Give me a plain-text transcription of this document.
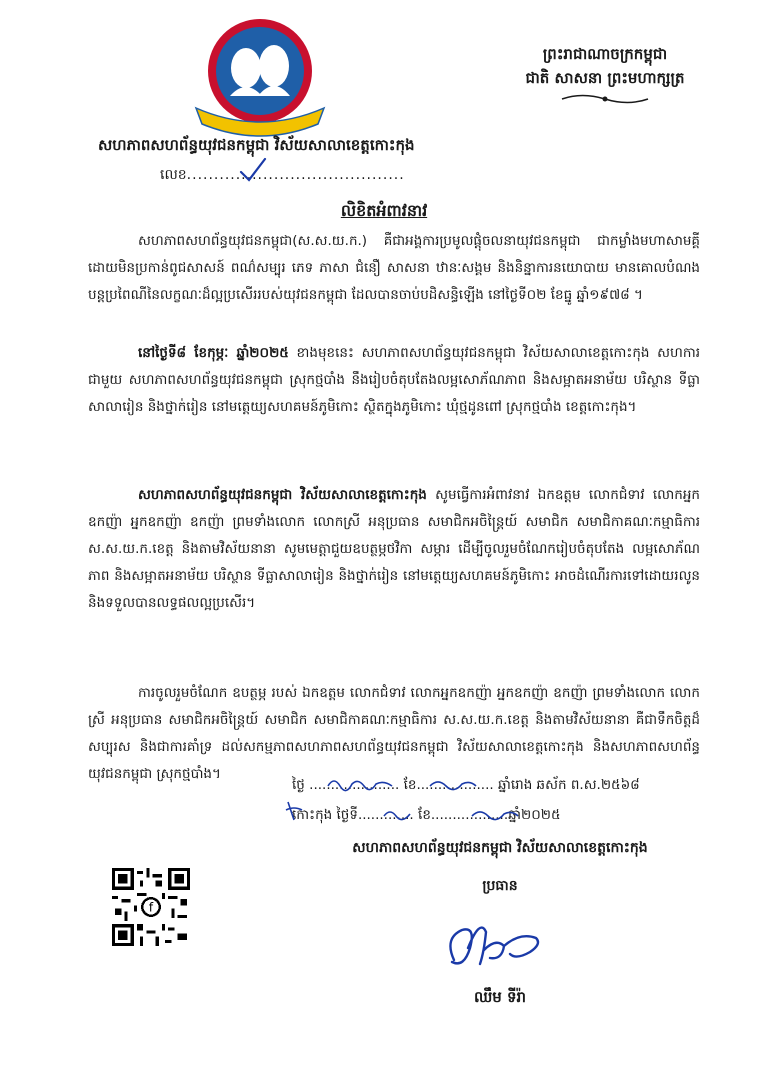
ព្រះរាជាណាចក្រកម្ពុជា
ជាតិ សាសនា ព្រះមហាក្សត្រ
សហភាពសហព័ន្ធយុវជនកម្ពុជា វិស័យសាលាខេត្តកោះកុង
លេខ........................................
លិខិតអំពាវនាវ

សហភាពសហព័ន្ធយុវជនកម្ពុជា(ស.ស.យ.ក.) គឺជាអង្គការប្រមូលផ្តុំចលនាយុវជនកម្ពុជា ជាកម្លាំងមហាសាមគ្គី ដោយមិនប្រកាន់ពូជសាសន៍ ពណ៌សម្បុរ ភេទ ភាសា ជំនឿ សាសនា ឋានៈសង្គម និងនិន្នាការនយោបាយ មានគោលបំណងបន្តប្រពៃណីនៃលក្ខណៈដ៏ល្អប្រសើររបស់យុវជនកម្ពុជា ដែលបានចាប់បដិសន្ធិឡើង នៅថ្ងៃទី០២ ខែធ្នូ ឆ្នាំ១៩៧៨ ។

នៅថ្ងៃទី៨ ខែកុម្ភៈ ឆ្នាំ២០២៥ ខាងមុខនេះ សហភាពសហព័ន្ធយុវជនកម្ពុជា វិស័យសាលាខេត្តកោះកុង សហការជាមួយ សហភាពសហព័ន្ធយុវជនកម្ពុជា ស្រុកថ្មបាំង នឹងរៀបចំតុបតែងលម្អសោភ័ណភាព និងសម្អាតអនាម័យ បរិស្ថាន ទីធ្លាសាលារៀន និងថ្នាក់រៀន នៅមត្តេយ្យសហគមន៍ភូមិកោះ ស្ថិតក្នុងភូមិកោះ ឃុំថ្មដូនពៅ ស្រុកថ្មបាំង ខេត្តកោះកុង។

សហភាពសហព័ន្ធយុវជនកម្ពុជា វិស័យសាលាខេត្តកោះកុង សូមធ្វើការអំពាវនាវ ឯកឧត្តម លោកជំទាវ លោកអ្នកឧកញ៉ា អ្នកឧកញ៉ា ឧកញ៉ា ព្រមទាំងលោក លោកស្រី អនុប្រធាន សមាជិកអចិន្ត្រៃយ៍ សមាជិក សមាជិកាគណៈកម្មាធិការ ស.ស.យ.ក.ខេត្ត និងតាមវិស័យនានា សូមមេត្តាជួយឧបត្ថម្ភថវិកា សម្ភារ ដើម្បីចូលរួមចំណែករៀបចំតុបតែង លម្អសោភ័ណភាព និងសម្អាតអនាម័យ បរិស្ថាន ទីធ្លាសាលារៀន និងថ្នាក់រៀន នៅមត្តេយ្យសហគមន៍ភូមិកោះ អាចដំណើរការទៅដោយរលូន និងទទួលបានលទ្ធផលល្អប្រសើរ។

ការចូលរួមចំណែក ឧបត្ថម្ភ របស់ ឯកឧត្តម លោកជំទាវ លោកអ្នកឧកញ៉ា អ្នកឧកញ៉ា ឧកញ៉ា ព្រមទាំងលោក លោកស្រី អនុប្រធាន សមាជិកអចិន្ត្រៃយ៍ សមាជិក សមាជិកាគណៈកម្មាធិការ ស.ស.យ.ក.ខេត្ត និងតាមវិស័យនានា គឺជាទឹកចិត្តដ៏សប្បុរស និងជាការគាំទ្រ ដល់សកម្មភាពសហភាពសហព័ន្ធយុវជនកម្ពុជា វិស័យសាលាខេត្តកោះកុង និងសហភាពសហព័ន្ធយុវជនកម្ពុជា ស្រុកថ្មបាំង។

ថ្ងៃ ..................... ខែ.................. ឆ្នាំរោង ឆស័ក ព.ស.២៥៦៨
កោះកុង ថ្ងៃទី............. ខែ..................ឆ្នាំ២០២៥
f
សហភាពសហព័ន្ធយុវជនកម្ពុជា វិស័យសាលាខេត្តកោះកុង
ប្រធាន
ឈឹម ទីរ៉ា
